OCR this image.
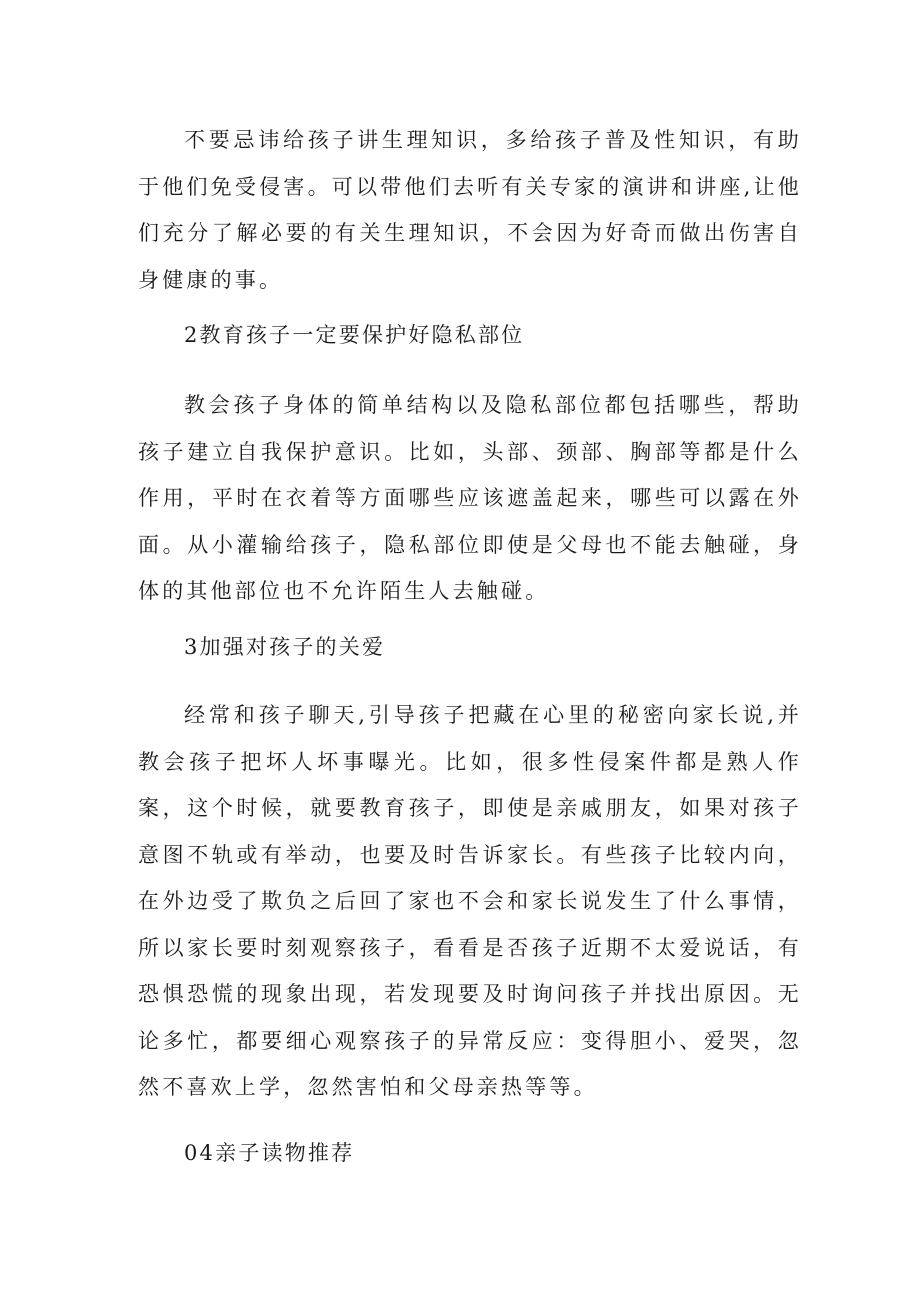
不要忌讳给孩子讲生理知识，多给孩子普及性知识，有助于他们免受侵害。可以带他们去听有关专家的演讲和讲座,让他们充分了解必要的有关生理知识，不会因为好奇而做出伤害自身健康的事。

2教育孩子一定要保护好隐私部位

教会孩子身体的简单结构以及隐私部位都包括哪些，帮助孩子建立自我保护意识。比如，头部、颈部、胸部等都是什么作用，平时在衣着等方面哪些应该遮盖起来，哪些可以露在外面。从小灌输给孩子，隐私部位即使是父母也不能去触碰，身体的其他部位也不允许陌生人去触碰。

3加强对孩子的关爱

经常和孩子聊天,引导孩子把藏在心里的秘密向家长说,并教会孩子把坏人坏事曝光。比如，很多性侵案件都是熟人作案，这个时候，就要教育孩子，即使是亲戚朋友，如果对孩子意图不轨或有举动，也要及时告诉家长。有些孩子比较内向，在外边受了欺负之后回了家也不会和家长说发生了什么事情，所以家长要时刻观察孩子，看看是否孩子近期不太爱说话，有恐惧恐慌的现象出现，若发现要及时询问孩子并找出原因。无论多忙，都要细心观察孩子的异常反应：变得胆小、爱哭，忽然不喜欢上学，忽然害怕和父母亲热等等。

04亲子读物推荐
